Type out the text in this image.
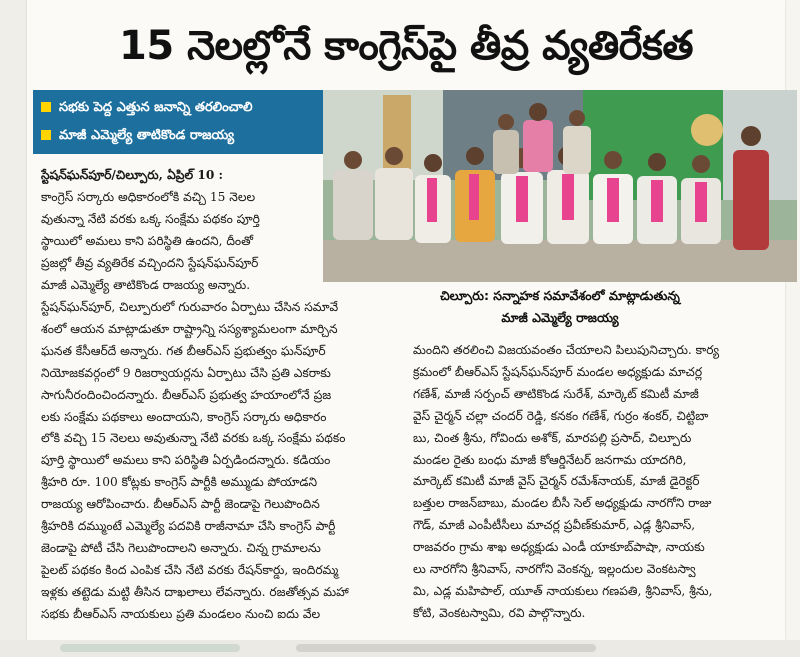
15 నెలల్లోనే కాంగ్రెస్‌పై తీవ్ర వ్యతిరేకత
సభకు పెద్ద ఎత్తున జనాన్ని తరలించాలి
మాజీ ఎమ్మెల్యే తాటికొండ రాజయ్య
చిల్పూరు: సన్నాహక సమావేశంలో మాట్లాడుతున్న
మాజీ ఎమ్మెల్యే రాజయ్య
స్టేషన్‌ఘన్‌పూర్/చిల్పూరు, ఏప్రిల్ 10 :
కాంగ్రెస్ సర్కారు అధికారంలోకి వచ్చి 15 నెలల
వుతున్నా నేటి వరకు ఒక్క సంక్షేమ పథకం పూర్తి
స్థాయిలో అమలు కాని పరిస్థితి ఉందని, దీంతో
ప్రజల్లో తీవ్ర వ్యతిరేక వచ్చిందని స్టేషన్‌ఘన్‌పూర్
మాజీ ఎమ్మెల్యే తాటికొండ రాజయ్య అన్నారు.
స్టేషన్‌ఘన్‌పూర్, చిల్పూరులో గురువారం ఏర్పాటు చేసిన సమావే
శంలో ఆయన మాట్లాడుతూ రాష్ట్రాన్ని సస్యశ్యామలంగా మార్చిన
ఘనత కేసీఆర్‌దే అన్నారు. గత బీఆర్ఎస్ ప్రభుత్వం ఘన్‌పూర్
నియోజకవర్గంలో 9 రిజర్వాయర్లను ఏర్పాటు చేసి ప్రతి ఎకరాకు
సాగునీరందించిందన్నారు. బీఆర్ఎస్ ప్రభుత్వ హయాంలోనే ప్రజ
లకు సంక్షేమ పథకాలు అందాయని, కాంగ్రెస్ సర్కారు అధికారం
లోకి వచ్చి 15 నెలలు అవుతున్నా నేటి వరకు ఒక్క సంక్షేమ పథకం
పూర్తి స్థాయిలో అమలు కాని పరిస్థితి ఏర్పడిందన్నారు. కడియం
శ్రీహరి రూ. 100 కోట్లకు కాంగ్రెస్ పార్టీకి అమ్ముడు పోయాడని
రాజయ్య ఆరోపించారు. బీఆర్ఎస్ పార్టీ జెండాపై గెలుపొందిన
శ్రీహరికి దమ్ముంటే ఎమ్మెల్యే పదవికి రాజీనామా చేసి కాంగ్రెస్ పార్టీ
జెండాపై పోటీ చేసి గెలుపొందాలని అన్నారు. చిన్న గ్రామాలను
పైలట్ పథకం కింద ఎంపిక చేసి నేటి వరకు రేషన్‌కార్డు, ఇందిరమ్మ
ఇళ్లకు తట్టెడు మట్టి తీసిన దాఖలాలు లేవన్నారు. రజతోత్సవ మహా
సభకు బీఆర్ఎస్ నాయకులు ప్రతి మండలం నుంచి ఐదు వేల
మందిని తరలించి విజయవంతం చేయాలని పిలుపునిచ్చారు. కార్య
క్రమంలో బీఆర్ఎస్ స్టేషన్‌ఘన్‌పూర్ మండల అధ్యక్షుడు మాచర్ల
గణేశ్, మాజీ సర్పంచ్ తాటికొండ సురేశ్, మార్కెట్ కమిటీ మాజీ
వైస్ చైర్మన్ చల్లా చందర్ రెడ్డి, కనకం గణేశ్, గుర్రం శంకర్, చిట్టిబా
బు, చింత శ్రీను, గోవిందు అశోక్, మారపల్లి ప్రసాద్, చిల్పూరు
మండల రైతు బంధు మాజీ కోఆర్డినేటర్ జనగామ యాదగిరి,
మార్కెట్ కమిటీ మాజీ వైస్ చైర్మన్ రమేశ్‌నాయక్, మాజీ డైరెక్టర్
బత్తుల రాజన్‌బాబు, మండల బీసీ సెల్ అధ్యక్షుడు నారగోని రాజు
గౌడ్, మాజీ ఎంపీటీసీలు మాచర్ల ప్రవీణ్‌కుమార్, ఎడ్ల శ్రీనివాస్,
రాజవరం గ్రామ శాఖ అధ్యక్షుడు ఎండీ యాకూబ్‌పాషా, నాయకు
లు నారగోని శ్రీనివాస్, నారగోని వెంకన్న, ఇల్లందుల వెంకటస్వా
మి, ఎడ్ల మహిపాల్, యూత్ నాయకులు గణపతి, శ్రీనివాస్, శ్రీను,
కోటి, వెంకటస్వామి, రవి పాల్గొన్నారు.
